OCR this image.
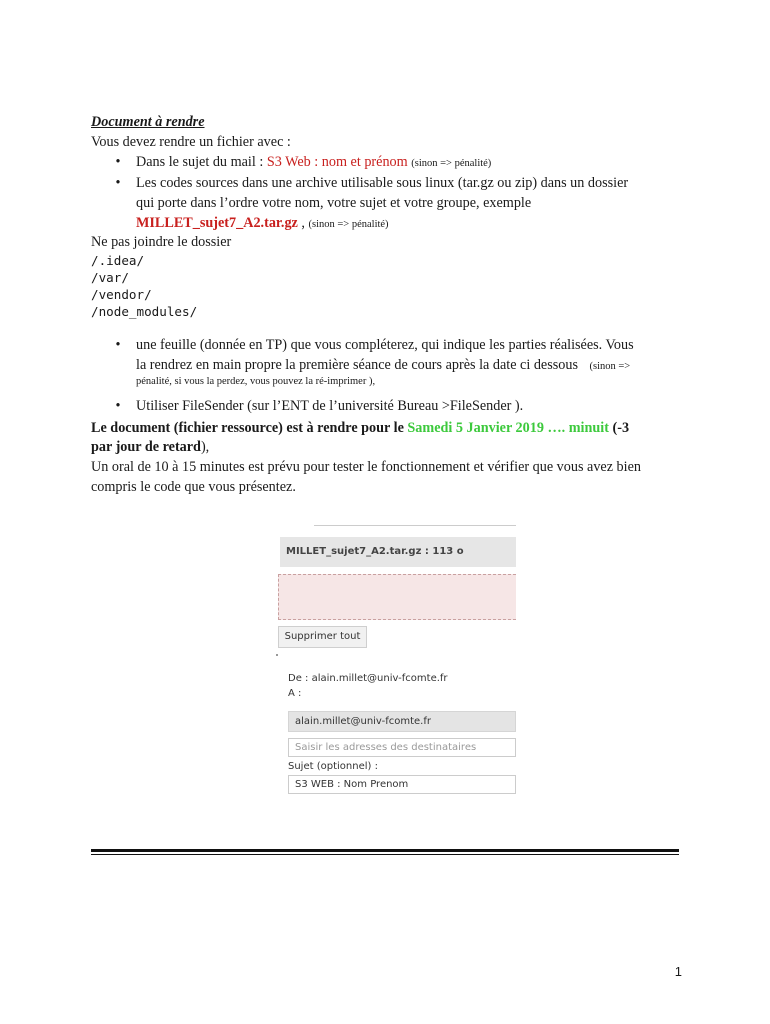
Document à rendre
Vous devez rendre un fichier avec :
•	Dans le sujet du mail : S3 Web : nom et prénom (sinon => pénalité)
•	Les codes sources dans une archive utilisable sous linux (tar.gz ou zip) dans un dossier
qui porte dans l’ordre votre nom, votre sujet et votre groupe, exemple
MILLET_sujet7_A2.tar.gz , (sinon => pénalité)
Ne pas joindre le dossier
/.idea/
/var/
/vendor/
/node_modules/
•	une feuille (donnée en TP) que vous compléterez, qui indique les parties réalisées. Vous
la rendrez en main propre la première séance de cours après la date ci dessous (sinon =>
pénalité, si vous la perdez, vous pouvez la ré-imprimer ),
•	Utiliser FileSender (sur l’ENT de l’université Bureau >FileSender ).
Le document (fichier ressource) est à rendre pour le Samedi 5 Janvier 2019 …. minuit (-3
par jour de retard),
Un oral de 10 à 15 minutes est prévu pour tester le fonctionnement et vérifier que vous avez bien
compris le code que vous présentez.
MILLET_sujet7_A2.tar.gz : 113 o
Supprimer tout
De : alain.millet@univ-fcomte.fr
A :
alain.millet@univ-fcomte.fr
Saisir les adresses des destinataires
Sujet (optionnel) :
S3 WEB : Nom Prenom
1
